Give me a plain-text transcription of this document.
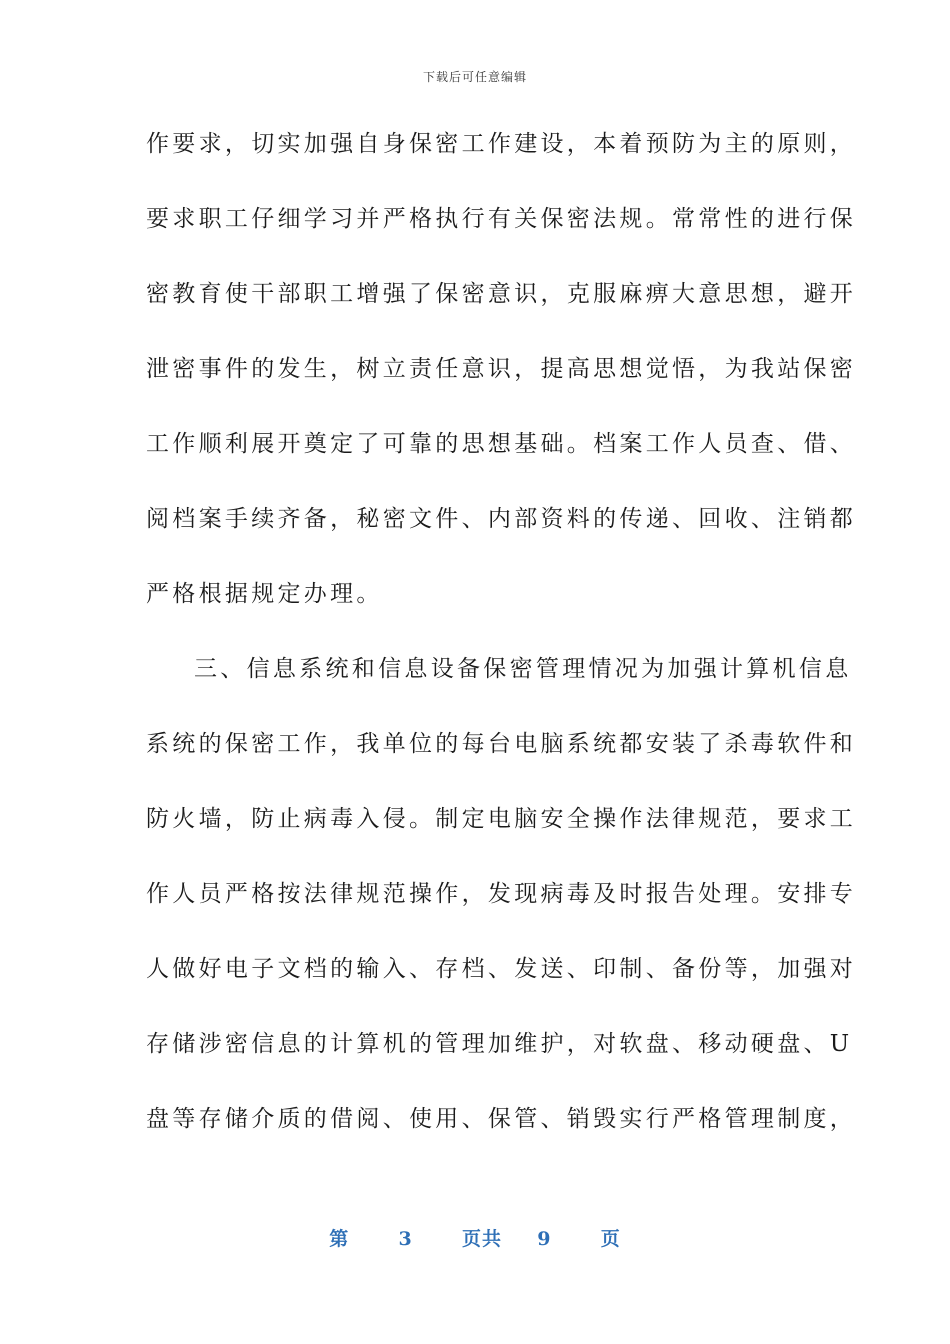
下载后可任意编辑
作要求，切实加强自身保密工作建设，本着预防为主的原则，
要求职工仔细学习并严格执行有关保密法规。常常性的进行保
密教育使干部职工增强了保密意识，克服麻痹大意思想，避开
泄密事件的发生，树立责任意识，提高思想觉悟，为我站保密
工作顺利展开奠定了可靠的思想基础。档案工作人员查、借、
阅档案手续齐备，秘密文件、内部资料的传递、回收、注销都
严格根据规定办理。
三、信息系统和信息设备保密管理情况为加强计算机信息
系统的保密工作，我单位的每台电脑系统都安装了杀毒软件和
防火墙，防止病毒入侵。制定电脑安全操作法律规范，要求工
作人员严格按法律规范操作，发现病毒及时报告处理。安排专
人做好电子文档的输入、存档、发送、印制、备份等，加强对
存储涉密信息的计算机的管理加维护，对软盘、移动硬盘、U
盘等存储介质的借阅、使用、保管、销毁实行严格管理制度，
第	3	页共 9	页
